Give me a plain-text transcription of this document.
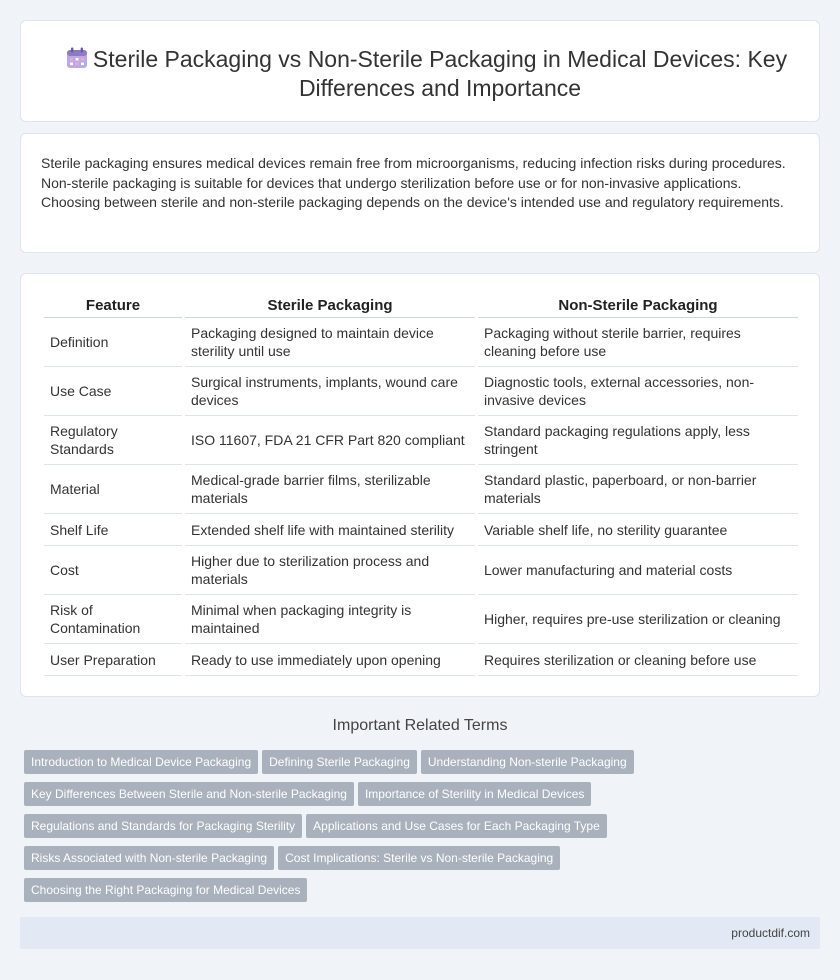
Sterile Packaging vs Non-Sterile Packaging in Medical Devices: Key Differences and Importance

Sterile packaging ensures medical devices remain free from microorganisms, reducing infection risks during procedures. Non-sterile packaging is suitable for devices that undergo sterilization before use or for non-invasive applications. Choosing between sterile and non-sterile packaging depends on the device's intended use and regulatory requirements.

Feature	Sterile Packaging	Non-Sterile Packaging
Definition	Packaging designed to maintain device sterility until use	Packaging without sterile barrier, requires cleaning before use
Use Case	Surgical instruments, implants, wound care devices	Diagnostic tools, external accessories, non-invasive devices
Regulatory Standards	ISO 11607, FDA 21 CFR Part 820 compliant	Standard packaging regulations apply, less stringent
Material	Medical-grade barrier films, sterilizable materials	Standard plastic, paperboard, or non-barrier materials
Shelf Life	Extended shelf life with maintained sterility	Variable shelf life, no sterility guarantee
Cost	Higher due to sterilization process and materials	Lower manufacturing and material costs
Risk of Contamination	Minimal when packaging integrity is maintained	Higher, requires pre-use sterilization or cleaning
User Preparation	Ready to use immediately upon opening	Requires sterilization or cleaning before use
Important Related Terms
Introduction to Medical Device Packaging Defining Sterile Packaging Understanding Non-sterile Packaging
Key Differences Between Sterile and Non-sterile Packaging Importance of Sterility in Medical Devices
Regulations and Standards for Packaging Sterility Applications and Use Cases for Each Packaging Type
Risks Associated with Non-sterile Packaging Cost Implications: Sterile vs Non-sterile Packaging
Choosing the Right Packaging for Medical Devices
productdif.com
